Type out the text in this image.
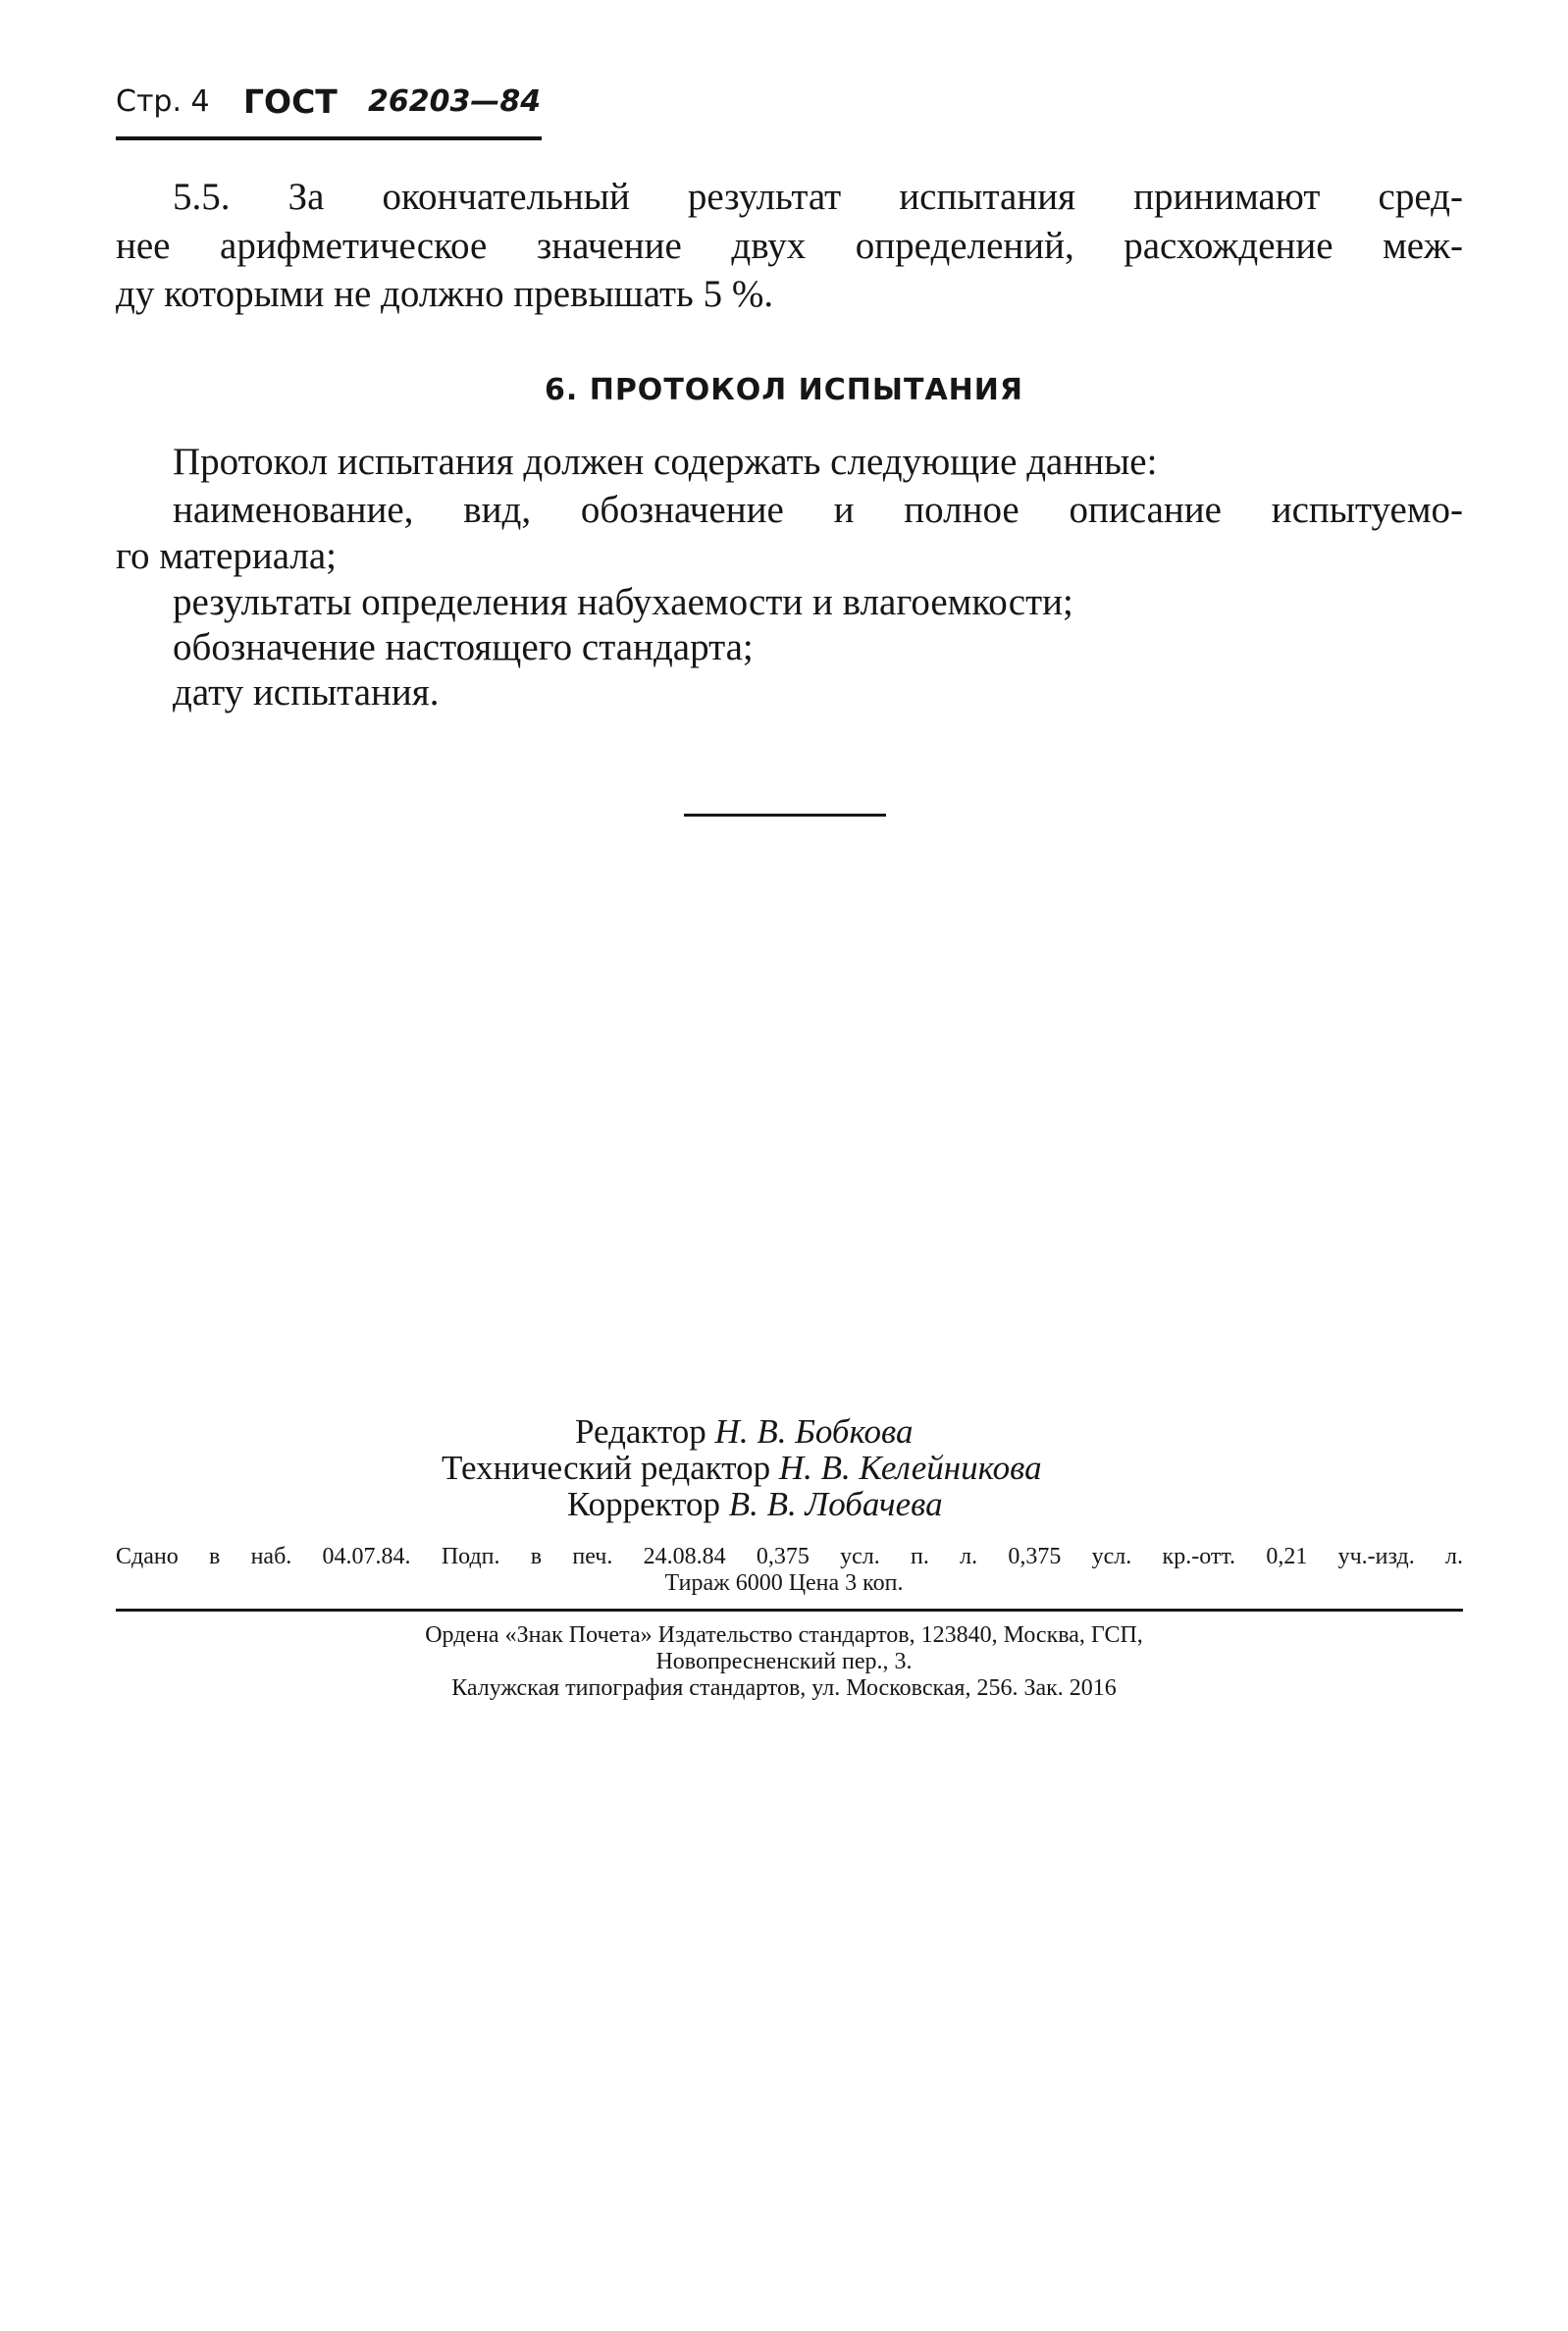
Стр. 4 ГОСТ 26203—84
5.5. За окончательный результат испытания принимают сред-
нее арифметическое значение двух определений, расхождение меж-
ду которыми не должно превышать 5 %.
6. ПРОТОКОЛ ИСПЫТАНИЯ
Протокол испытания должен содержать следующие данные:
наименование, вид, обозначение и полное описание испытуемо-
го материала;
результаты определения набухаемости и влагоемкости;
обозначение настоящего стандарта;
дату испытания.
Редактор Н. В. Бобкова
Технический редактор Н. В. Келейникова
Корректор В. В. Лобачева
Сдано в наб. 04.07.84. Подп. в печ. 24.08.84 0,375 усл. п. л. 0,375 усл. кр.-отт. 0,21 уч.-изд. л.
Тираж 6000 Цена 3 коп.
Ордена «Знак Почета» Издательство стандартов, 123840, Москва, ГСП,
Новопресненский пер., 3.
Калужская типография стандартов, ул. Московская, 256. Зак. 2016
